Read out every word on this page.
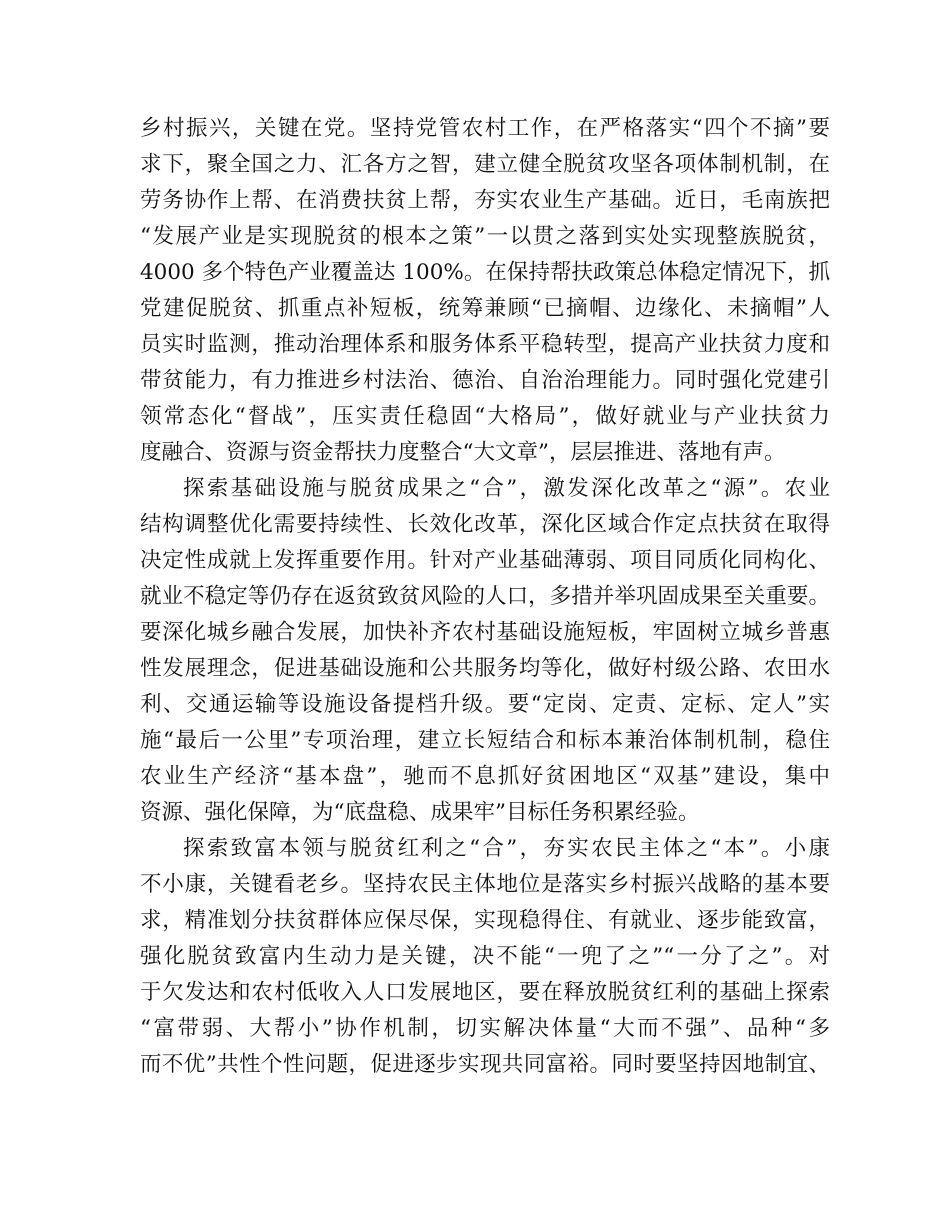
乡村振兴，关键在党。坚持党管农村工作，在严格落实“四个不摘”要
求下，聚全国之力、汇各方之智，建立健全脱贫攻坚各项体制机制，在
劳务协作上帮、在消费扶贫上帮，夯实农业生产基础。近日，毛南族把
“发展产业是实现脱贫的根本之策”一以贯之落到实处实现整族脱贫，
4000 多个特色产业覆盖达 100%。在保持帮扶政策总体稳定情况下，抓
党建促脱贫、抓重点补短板，统筹兼顾“已摘帽、边缘化、未摘帽”人
员实时监测，推动治理体系和服务体系平稳转型，提高产业扶贫力度和
带贫能力，有力推进乡村法治、德治、自治治理能力。同时强化党建引
领常态化“督战”，压实责任稳固“大格局”，做好就业与产业扶贫力
度融合、资源与资金帮扶力度整合“大文章”，层层推进、落地有声。
探索基础设施与脱贫成果之“合”，激发深化改革之“源”。农业
结构调整优化需要持续性、长效化改革，深化区域合作定点扶贫在取得
决定性成就上发挥重要作用。针对产业基础薄弱、项目同质化同构化、
就业不稳定等仍存在返贫致贫风险的人口，多措并举巩固成果至关重要。
要深化城乡融合发展，加快补齐农村基础设施短板，牢固树立城乡普惠
性发展理念，促进基础设施和公共服务均等化，做好村级公路、农田水
利、交通运输等设施设备提档升级。要“定岗、定责、定标、定人”实
施“最后一公里”专项治理，建立长短结合和标本兼治体制机制，稳住
农业生产经济“基本盘”，驰而不息抓好贫困地区“双基”建设，集中
资源、强化保障，为“底盘稳、成果牢”目标任务积累经验。
探索致富本领与脱贫红利之“合”，夯实农民主体之“本”。小康
不小康，关键看老乡。坚持农民主体地位是落实乡村振兴战略的基本要
求，精准划分扶贫群体应保尽保，实现稳得住、有就业、逐步能致富，
强化脱贫致富内生动力是关键，决不能“一兜了之”“一分了之”。对
于欠发达和农村低收入人口发展地区，要在释放脱贫红利的基础上探索
“富带弱、大帮小”协作机制，切实解决体量“大而不强”、品种“多
而不优”共性个性问题，促进逐步实现共同富裕。同时要坚持因地制宜、
